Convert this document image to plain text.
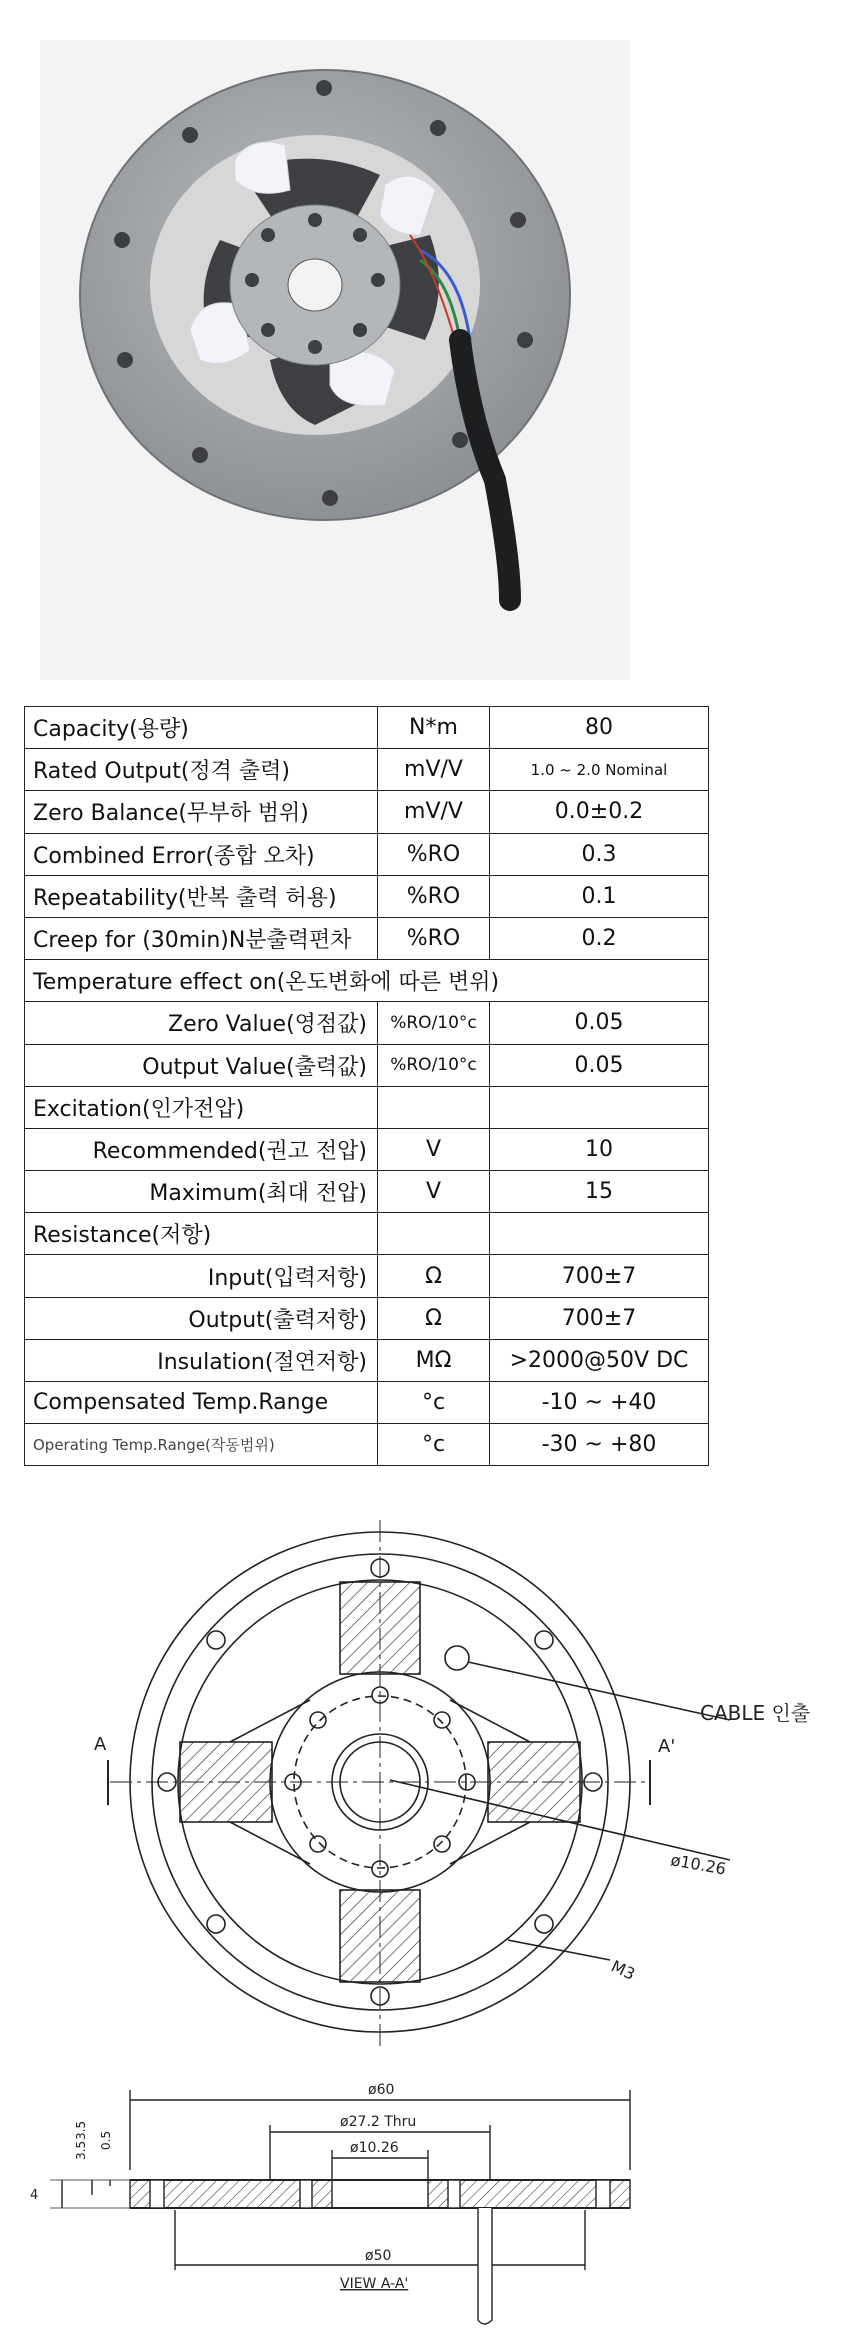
Capacity(용량)	N*m	80
Rated Output(정격 출력)	mV/V	1.0 ~ 2.0 Nominal
Zero Balance(무부하 범위)	mV/V	0.0±0.2
Combined Error(종합 오차)	%RO	0.3
Repeatability(반복 출력 허용)	%RO	0.1
Creep for (30min)N분출력편차	%RO	0.2
Temperature effect on(온도변화에 따른 변위)		
Zero Value(영점값)	%RO/10°c	0.05
Output Value(출력값)	%RO/10°c	0.05
Excitation(인가전압)		
Recommended(권고 전압)	V	10
Maximum(최대 전압)	V	15
Resistance(저항)		
Input(입력저항)	Ω	700±7
Output(출력저항)	Ω	700±7
Insulation(절연저항)	MΩ	>2000@50V DC
Compensated Temp.Range	°c	-10 ~ +40
Operating Temp.Range(작동범위)	°c	-30 ~ +80
A	A'
CABLE 인출
ø10.26
M3
ø60
ø27.2 Thru
ø10.26
ø50
4
3.5
3.5
0.5
VIEW A-A'
